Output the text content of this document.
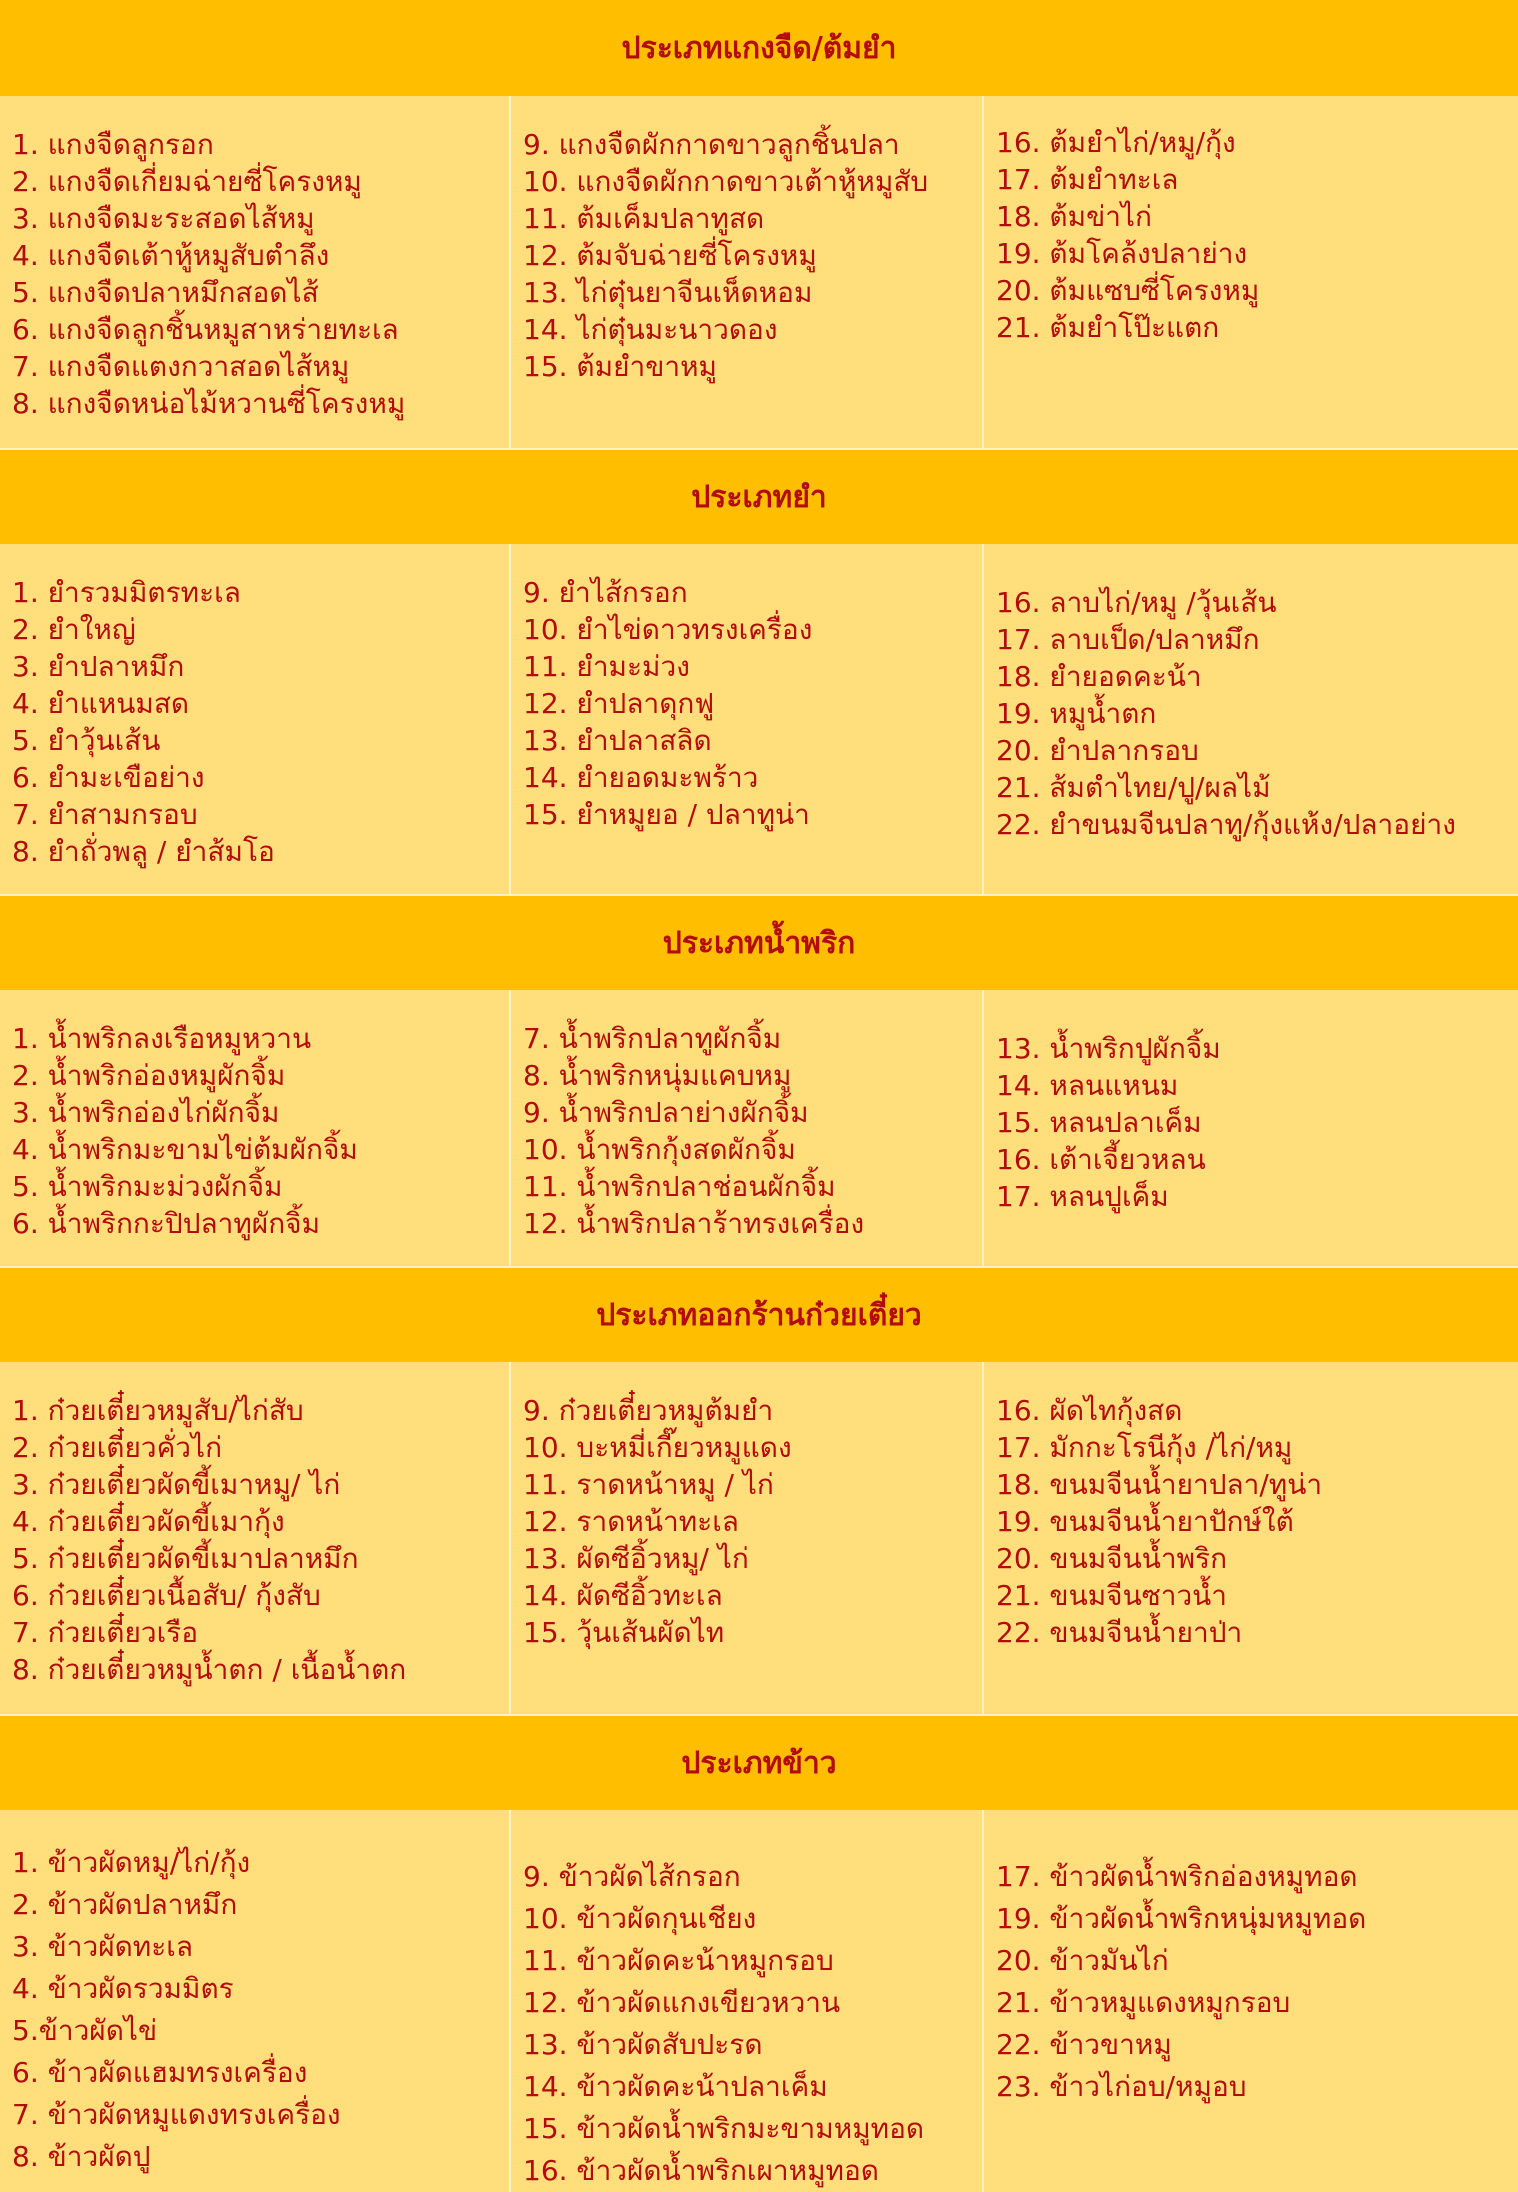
ประเภทแกงจืด/ต้มยำ
1. แกงจืดลูกรอก
2. แกงจืดเกี่ยมฉ่ายซี่โครงหมู
3. แกงจืดมะระสอดไส้หมู
4. แกงจืดเต้าหู้หมูสับตำลึง
5. แกงจืดปลาหมึกสอดไส้
6. แกงจืดลูกชิ้นหมูสาหร่ายทะเล
7. แกงจืดแตงกวาสอดไส้หมู
8. แกงจืดหน่อไม้หวานซี่โครงหมู
9. แกงจืดผักกาดขาวลูกชิ้นปลา
10. แกงจืดผักกาดขาวเต้าหู้หมูสับ
11. ต้มเค็มปลาทูสด
12. ต้มจับฉ่ายซี่โครงหมู
13. ไก่ตุ๋นยาจีนเห็ดหอม
14. ไก่ตุ๋นมะนาวดอง
15. ต้มยำขาหมู
16. ต้มยำไก่/หมู/กุ้ง
17. ต้มยำทะเล
18. ต้มข่าไก่
19. ต้มโคล้งปลาย่าง
20. ต้มแซบซี่โครงหมู
21. ต้มยำโป๊ะแตก
ประเภทยำ
1. ยำรวมมิตรทะเล
2. ยำใหญ่
3. ยำปลาหมึก
4. ยำแหนมสด
5. ยำวุ้นเส้น
6. ยำมะเขือย่าง
7. ยำสามกรอบ
8. ยำถั่วพลู / ยำส้มโอ
9. ยำไส้กรอก
10. ยำไข่ดาวทรงเครื่อง
11. ยำมะม่วง
12. ยำปลาดุกฟู
13. ยำปลาสลิด
14. ยำยอดมะพร้าว
15. ยำหมูยอ / ปลาทูน่า
16. ลาบไก่/หมู /วุ้นเส้น
17. ลาบเป็ด/ปลาหมึก
18. ยำยอดคะน้า
19. หมูน้ำตก
20. ยำปลากรอบ
21. ส้มตำไทย/ปู/ผลไม้
22. ยำขนมจีนปลาทู/กุ้งแห้ง/ปลาอย่าง
ประเภทน้ำพริก
1. น้ำพริกลงเรือหมูหวาน
2. น้ำพริกอ่องหมูผักจิ้ม
3. น้ำพริกอ่องไก่ผักจิ้ม
4. น้ำพริกมะขามไข่ต้มผักจิ้ม
5. น้ำพริกมะม่วงผักจิ้ม
6. น้ำพริกกะปิปลาทูผักจิ้ม
7. น้ำพริกปลาทูผักจิ้ม
8. น้ำพริกหนุ่มแคบหมู
9. น้ำพริกปลาย่างผักจิ้ม
10. น้ำพริกกุ้งสดผักจิ้ม
11. น้ำพริกปลาช่อนผักจิ้ม
12. น้ำพริกปลาร้าทรงเครื่อง
13. น้ำพริกปูผักจิ้ม
14. หลนแหนม
15. หลนปลาเค็ม
16. เต้าเจี้ยวหลน
17. หลนปูเค็ม
ประเภทออกร้านก๋วยเตี๋ยว
1. ก๋วยเตี๋ยวหมูสับ/ไก่สับ
2. ก๋วยเตี๋ยวคั่วไก่
3. ก๋วยเตี๋ยวผัดขี้เมาหมู/ ไก่
4. ก๋วยเตี๋ยวผัดขี้เมากุ้ง
5. ก๋วยเตี๋ยวผัดขี้เมาปลาหมึก
6. ก๋วยเตี๋ยวเนื้อสับ/ กุ้งสับ
7. ก๋วยเตี๋ยวเรือ
8. ก๋วยเตี๋ยวหมูน้ำตก / เนื้อน้ำตก
9. ก๋วยเตี๋ยวหมูต้มยำ
10. บะหมี่เกี๊ยวหมูแดง
11. ราดหน้าหมู / ไก่
12. ราดหน้าทะเล
13. ผัดซีอิ้วหมู/ ไก่
14. ผัดซีอิ้วทะเล
15. วุ้นเส้นผัดไท
16. ผัดไทกุ้งสด
17. มักกะโรนีกุ้ง /ไก่/หมู
18. ขนมจีนน้ำยาปลา/ทูน่า
19. ขนมจีนน้ำยาปักษ์ใต้
20. ขนมจีนน้ำพริก
21. ขนมจีนซาวน้ำ
22. ขนมจีนน้ำยาป่า
ประเภทข้าว
1. ข้าวผัดหมู/ไก่/กุ้ง
2. ข้าวผัดปลาหมึก
3. ข้าวผัดทะเล
4. ข้าวผัดรวมมิตร
5.ข้าวผัดไข่
6. ข้าวผัดแฮมทรงเครื่อง
7. ข้าวผัดหมูแดงทรงเครื่อง
8. ข้าวผัดปู
9. ข้าวผัดไส้กรอก
10. ข้าวผัดกุนเชียง
11. ข้าวผัดคะน้าหมูกรอบ
12. ข้าวผัดแกงเขียวหวาน
13. ข้าวผัดสับปะรด
14. ข้าวผัดคะน้าปลาเค็ม
15. ข้าวผัดน้ำพริกมะขามหมูทอด
16. ข้าวผัดน้ำพริกเผาหมูทอด
17. ข้าวผัดน้ำพริกอ่องหมูทอด
19. ข้าวผัดน้ำพริกหนุ่มหมูทอด
20. ข้าวมันไก่
21. ข้าวหมูแดงหมูกรอบ
22. ข้าวขาหมู
23. ข้าวไก่อบ/หมูอบ
